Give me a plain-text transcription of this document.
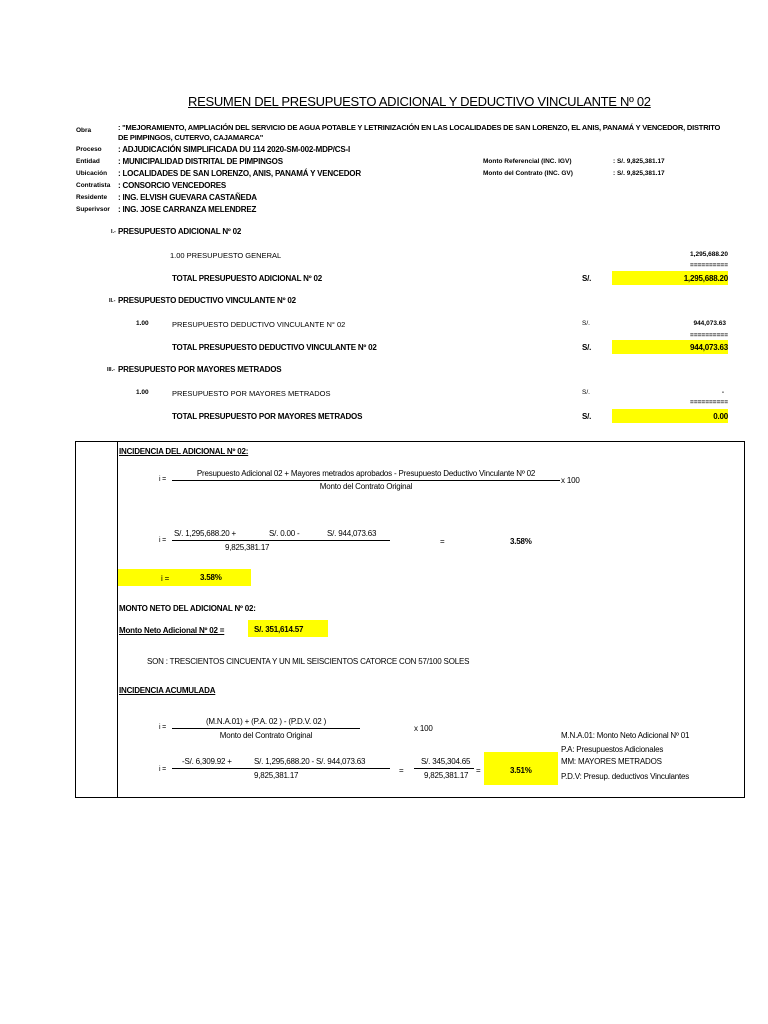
RESUMEN DEL PRESUPUESTO ADICIONAL Y DEDUCTIVO VINCULANTE Nº 02
Obra	: "MEJORAMIENTO, AMPLIACIÓN DEL SERVICIO DE AGUA POTABLE Y LETRINIZACIÓN EN LAS LOCALIDADES DE SAN LORENZO, EL ANIS, PANAMÁ Y VENCEDOR, DISTRITO
DE PIMPINGOS, CUTERVO, CAJAMARCA"
Proceso : ADJUDICACIÓN SIMPLIFICADA DU 114 2020-SM-002-MDP/CS-I
Entidad : MUNICIPALIDAD DISTRITAL DE PIMPINGOS
Ubicación : LOCALIDADES DE SAN LORENZO, ANIS, PANAMÁ Y VENCEDOR
Contratista : CONSORCIO VENCEDORES
Residente : ING. ELVISH GUEVARA CASTAÑEDA
Superivsor : ING. JOSE CARRANZA MELENDREZ
Monto Referencial (INC. IGV)	: S/. 9,825,381.17
Monto del Contrato (INC. GV)	: S/. 9,825,381.17
I.- PRESUPUESTO ADICIONAL Nº 02
1.00 PRESUPUESTO GENERAL	1,295,688.20
==========
TOTAL PRESUPUESTO ADICIONAL Nº 02	S/.	1,295,688.20
II.- PRESUPUESTO DEDUCTIVO VINCULANTE Nº 02
1.00	PRESUPUESTO DEDUCTIVO VINCULANTE N° 02	S/.	944,073.63
==========
TOTAL PRESUPUESTO DEDUCTIVO VINCULANTE Nº 02	S/.	944,073.63
III.- PRESUPUESTO POR MAYORES METRADOS
1.00	PRESUPUESTO POR MAYORES METRADOS	S/.	-
==========
TOTAL PRESUPUESTO POR MAYORES METRADOS	S/.	0.00
INCIDENCIA DEL ADICIONAL Nº 02:
i =
Presupuesto Adicional 02 + Mayores metrados aprobados - Presupuesto Deductivo Vinculante Nº 02
Monto del Contrato Original
x 100
i =
S/. 1,295,688.20 +	S/. 0.00 -	S/. 944,073.63
9,825,381.17
=	3.58%
i =	3.58%
MONTO NETO DEL ADICIONAL Nº 02:
Monto Neto Adicional Nº 02 =	S/. 351,614.57
SON : TRESCIENTOS CINCUENTA Y UN MIL SEISCIENTOS CATORCE CON 57/100 SOLES
INCIDENCIA ACUMULADA
i =
(M.N.A.01) + (P.A. 02 ) - (P.D.V. 02 )
Monto del Contrato Original
x 100
i =
-S/. 6,309.92 +	S/. 1,295,688.20 - S/. 944,073.63
9,825,381.17
=
S/. 345,304.65
9,825,381.17
=	3.51%
M.N.A.01: Monto Neto Adicional Nº 01
P.A: Presupuestos Adicionales
MM: MAYORES METRADOS
P.D.V: Presup. deductivos Vinculantes
